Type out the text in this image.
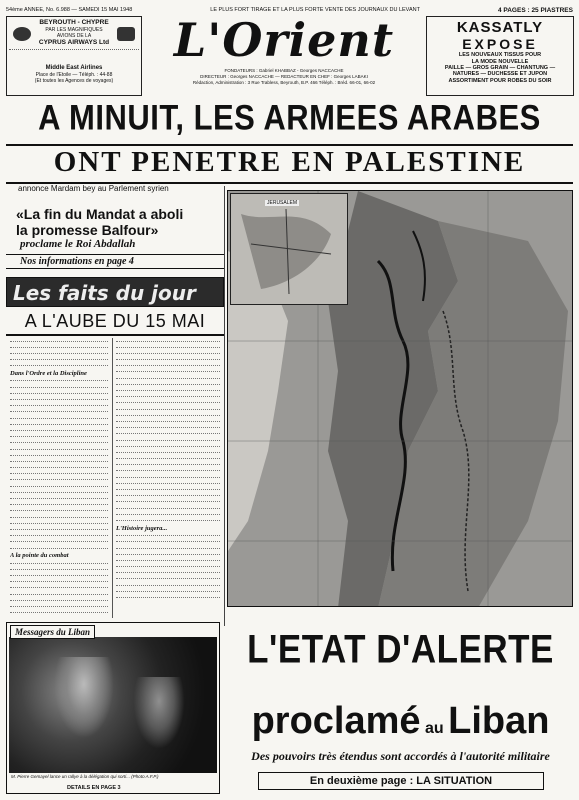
54ème ANNEE, No. 6.988 — SAMEDI 15 MAI 1948	LE PLUS FORT TIRAGE ET LA PLUS FORTE VENTE DES JOURNAUX DU LEVANT	4 PAGES : 25 PIASTRES
BEYROUTH - CHYPRE
PAR LES MAGNIFIQUES
AVIONS DE LA
CYPRUS AIRWAYS Ltd
Middle East Airlines
Place de l'Etoile — Téléph. : 44-88
(Et toutes les Agences de voyages)
L'Orient
FONDATEURS : Gabriel KHABBAZ - Georges NACCACHE
DIRECTEUR : Georges NACCACHE — REDACTEUR EN CHEF : Georges LABAKI
Rédaction, Administration : 3 Rue Trabless, Beyrouth, B.P. 466 Téléph. : Bréd. 66-01, 66-02
KASSATLY
EXPOSE
LES NOUVEAUX TISSUS POUR
LA MODE NOUVELLE
PAILLE — GROS GRAIN — CHANTUNG —
NATURES — DUCHESSE ET JUPON
ASSORTIMENT POUR ROBES DU SOIR
A MINUIT, LES ARMEES ARABES
ONT PENETRE EN PALESTINE
annonce Mardam bey au Parlement syrien
«La fin du Mandat a aboli
la promesse Balfour»
proclame le Roi Abdallah
Nos informations en page 4
Les faits du jour
A L'AUBE DU 15 MAI
Dans l'Ordre et la Discipline
A la pointe du combat
L'Histoire jugera...
Messagers du Liban
M. Pierre Gemayel lance un rallye à la délégation qui sorti... (Photo A.F.P.)
DETAILS EN PAGE 3
JERUSALEM
L'ETAT D'ALERTE
proclamé au Liban
Des pouvoirs très étendus sont accordés à l'autorité militaire
En deuxième page : LA SITUATION
